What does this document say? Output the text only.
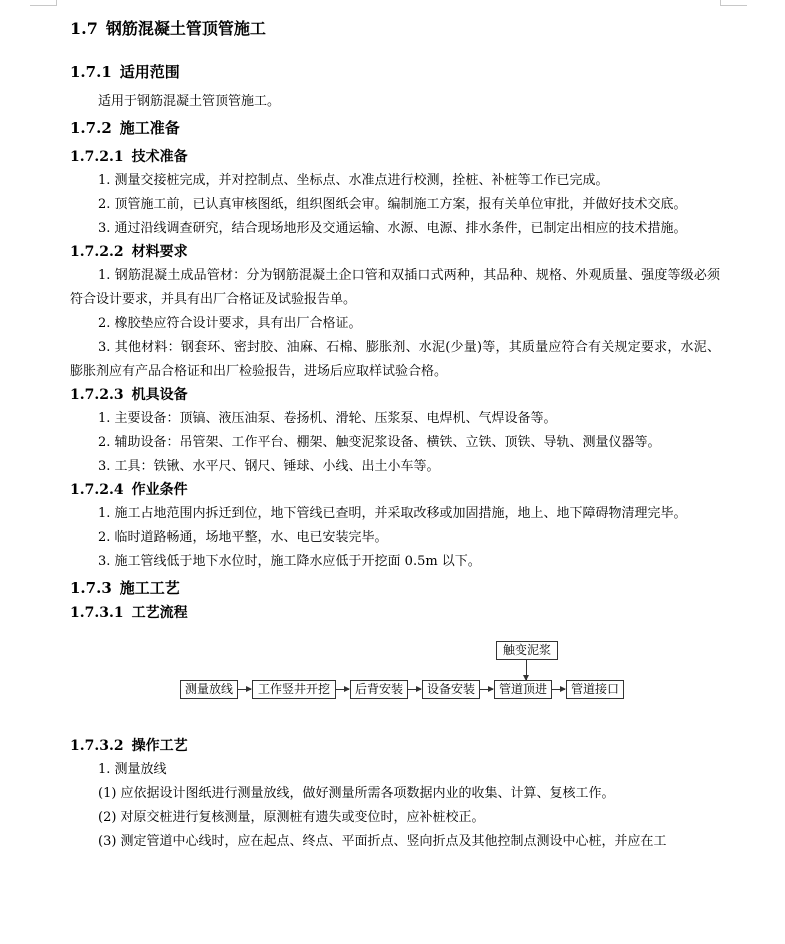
1.7 钢筋混凝土管顶管施工
1.7.1 适用范围
适用于钢筋混凝土管顶管施工。
1.7.2 施工准备
1.7.2.1 技术准备
1. 测量交接桩完成，并对控制点、坐标点、水准点进行校测，拴桩、补桩等工作已完成。
2. 顶管施工前，已认真审核图纸，组织图纸会审。编制施工方案，报有关单位审批，并做好技术交底。
3. 通过沿线调查研究，结合现场地形及交通运输、水源、电源、排水条件，已制定出相应的技术措施。
1.7.2.2 材料要求
1. 钢筋混凝土成品管材：分为钢筋混凝土企口管和双插口式两种，其品种、规格、外观质量、强度等级必须符合设计要求，并具有出厂合格证及试验报告单。
2. 橡胶垫应符合设计要求，具有出厂合格证。
3. 其他材料：钢套环、密封胶、油麻、石棉、膨胀剂、水泥(少量)等，其质量应符合有关规定要求，水泥、膨胀剂应有产品合格证和出厂检验报告，进场后应取样试验合格。
1.7.2.3 机具设备
1. 主要设备：顶镐、液压油泵、卷扬机、滑轮、压浆泵、电焊机、气焊设备等。
2. 辅助设备：吊管架、工作平台、棚架、触变泥浆设备、横铁、立铁、顶铁、导轨、测量仪器等。
3. 工具：铁锹、水平尺、钢尺、锤球、小线、出土小车等。
1.7.2.4 作业条件
1. 施工占地范围内拆迁到位，地下管线已查明，并采取改移或加固措施，地上、地下障碍物清理完毕。
2. 临时道路畅通，场地平整，水、电已安装完毕。
3. 施工管线低于地下水位时，施工降水应低于开挖面 0.5m 以下。
1.7.3 施工工艺
1.7.3.1 工艺流程
触变泥浆
测量放线	工作竖井开挖	后背安装	设备安装	管道顶进	管道接口
1.7.3.2 操作工艺
1. 测量放线
(1) 应依据设计图纸进行测量放线，做好测量所需各项数据内业的收集、计算、复核工作。
(2) 对原交桩进行复核测量，原测桩有遗失或变位时，应补桩校正。
(3) 测定管道中心线时，应在起点、终点、平面折点、竖向折点及其他控制点测设中心桩，并应在工
